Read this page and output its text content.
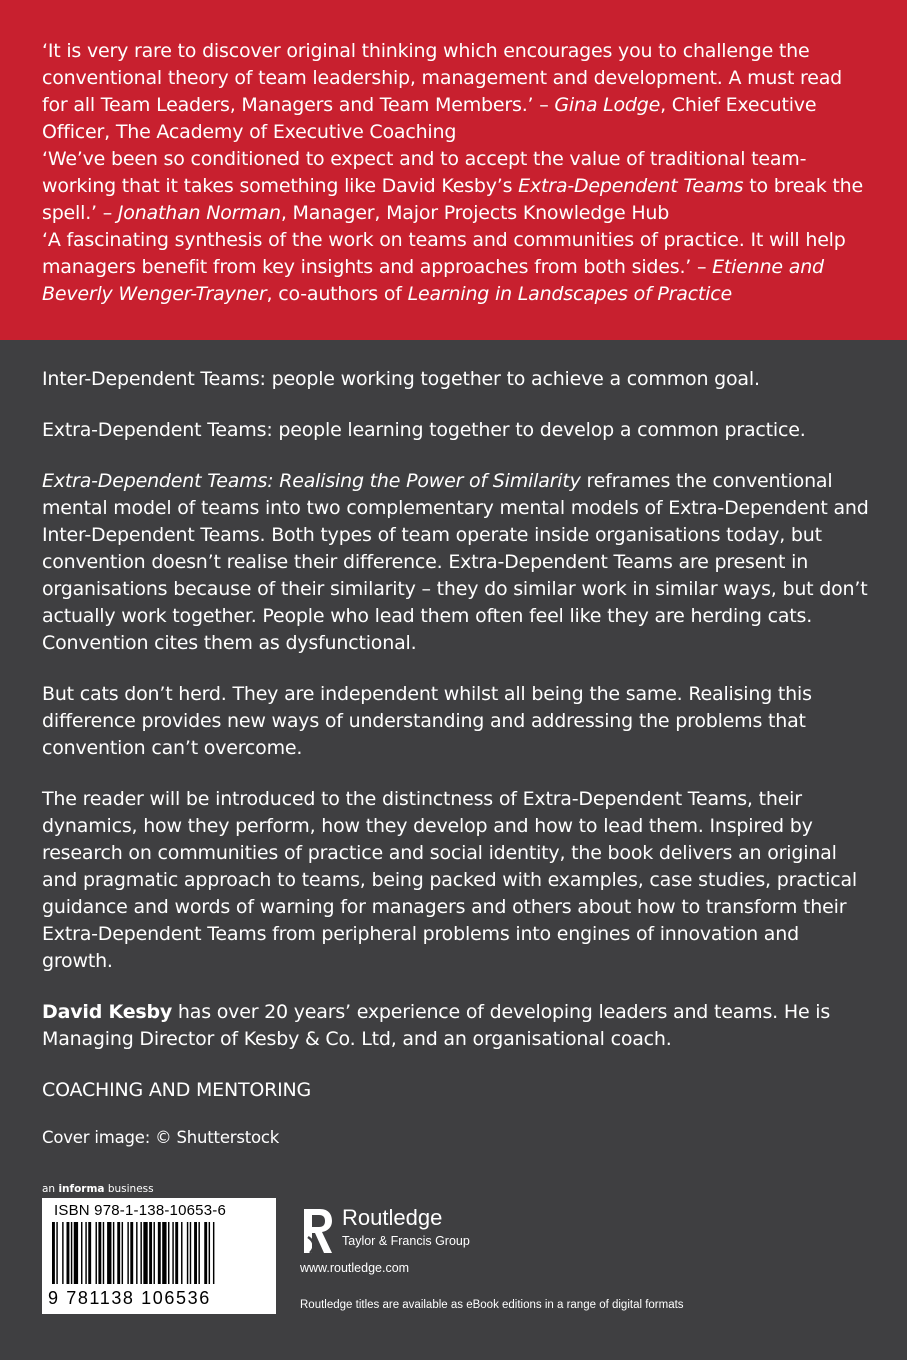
‘It is very rare to discover original thinking which encourages you to challenge the conventional theory of team leadership, management and development. A must read for all Team Leaders, Managers and Team Members.’ – Gina Lodge, Chief Executive Officer, The Academy of Executive Coaching

‘We’ve been so conditioned to expect and to accept the value of traditional team-working that it takes something like David Kesby’s Extra-Dependent Teams to break the spell.’ – Jonathan Norman, Manager, Major Projects Knowledge Hub

‘A fascinating synthesis of the work on teams and communities of practice. It will help managers benefit from key insights and approaches from both sides.’ – Etienne and Beverly Wenger-Trayner, co-authors of Learning in Landscapes of Practice

Inter-Dependent Teams: people working together to achieve a common goal.

Extra-Dependent Teams: people learning together to develop a common practice.

Extra-Dependent Teams: Realising the Power of Similarity reframes the conventional mental model of teams into two complementary mental models of Extra-Dependent and Inter-Dependent Teams. Both types of team operate inside organisations today, but convention doesn’t realise their difference. Extra-Dependent Teams are present in organisations because of their similarity – they do similar work in similar ways, but don’t actually work together. People who lead them often feel like they are herding cats. Convention cites them as dysfunctional.

But cats don’t herd. They are independent whilst all being the same. Realising this difference provides new ways of understanding and addressing the problems that convention can’t overcome.

The reader will be introduced to the distinctness of Extra-Dependent Teams, their dynamics, how they perform, how they develop and how to lead them. Inspired by research on communities of practice and social identity, the book delivers an original and pragmatic approach to teams, being packed with examples, case studies, practical guidance and words of warning for managers and others about how to transform their Extra-Dependent Teams from peripheral problems into engines of innovation and growth.

David Kesby has over 20 years’ experience of developing leaders and teams. He is Managing Director of Kesby & Co. Ltd, and an organisational coach.

COACHING AND MENTORING

Cover image: © Shutterstock

an informa business
ISBN 978-1-138-10653-6
9 781138 106536
Routledge
Taylor & Francis Group
www.routledge.com
Routledge titles are available as eBook editions in a range of digital formats
